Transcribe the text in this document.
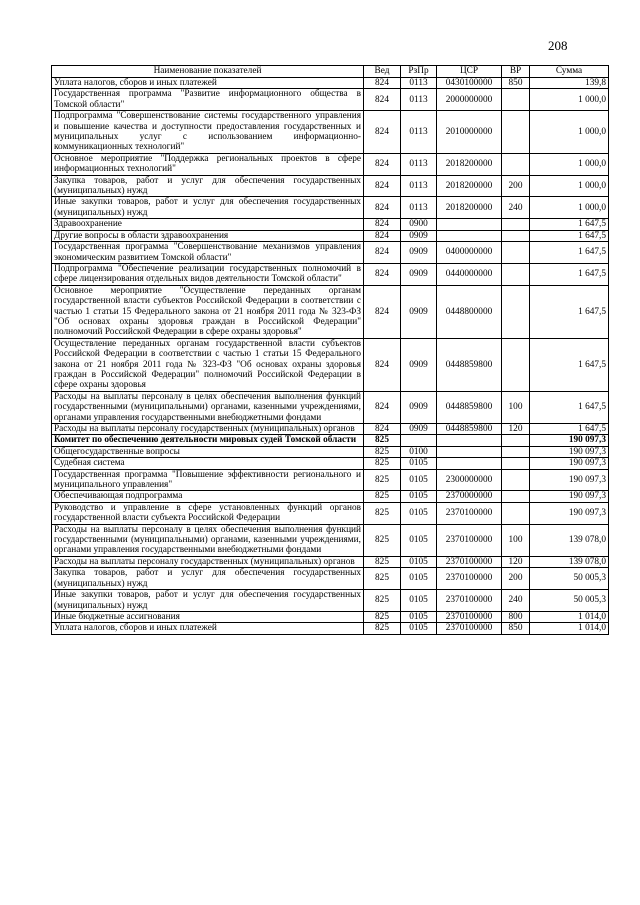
208
Наименование показателей	Вед	РзПр	ЦСР	ВР	Сумма
Уплата налогов, сборов и иных платежей	824	0113	0430100000	850	139,8
Государственная программа "Развитие информационного общества в Томской области"	824	0113	2000000000		1 000,0
Подпрограмма "Совершенствование системы государственного управления и повышение качества и доступности предоставления государственных и муниципальных услуг с использованием информационно-коммуникационных технологий"	824	0113	2010000000		1 000,0
Основное мероприятие "Поддержка региональных проектов в сфере информационных технологий"	824	0113	2018200000		1 000,0
Закупка товаров, работ и услуг для обеспечения государственных (муниципальных) нужд	824	0113	2018200000	200	1 000,0
Иные закупки товаров, работ и услуг для обеспечения государственных (муниципальных) нужд	824	0113	2018200000	240	1 000,0
Здравоохранение	824	0900			1 647,5
Другие вопросы в области здравоохранения	824	0909			1 647,5
Государственная программа "Совершенствование механизмов управления экономическим развитием Томской области"	824	0909	0400000000		1 647,5
Подпрограмма "Обеспечение реализации государственных полномочий в сфере лицензирования отдельных видов деятельности Томской области"	824	0909	0440000000		1 647,5
Основное мероприятие "Осуществление переданных органам государственной власти субъектов Российской Федерации в соответствии с частью 1 статьи 15 Федерального закона от 21 ноября 2011 года № 323-ФЗ "Об основах охраны здоровья граждан в Российской Федерации" полномочий Российской Федерации в сфере охраны здоровья"	824	0909	0448800000		1 647,5
Осуществление переданных органам государственной власти субъектов Российской Федерации в соответствии с частью 1 статьи 15 Федерального закона от 21 ноября 2011 года № 323-ФЗ "Об основах охраны здоровья граждан в Российской Федерации" полномочий Российской Федерации в сфере охраны здоровья	824	0909	0448859800		1 647,5
Расходы на выплаты персоналу в целях обеспечения выполнения функций государственными (муниципальными) органами, казенными учреждениями, органами управления государственными внебюджетными фондами	824	0909	0448859800	100	1 647,5
Расходы на выплаты персоналу государственных (муниципальных) органов	824	0909	0448859800	120	1 647,5
Комитет по обеспечению деятельности мировых судей Томской области	825				190 097,3
Общегосударственные вопросы	825	0100			190 097,3
Судебная система	825	0105			190 097,3
Государственная программа "Повышение эффективности регионального и муниципального управления"	825	0105	2300000000		190 097,3
Обеспечивающая подпрограмма	825	0105	2370000000		190 097,3
Руководство и управление в сфере установленных функций органов государственной власти субъекта Российской Федерации	825	0105	2370100000		190 097,3
Расходы на выплаты персоналу в целях обеспечения выполнения функций государственными (муниципальными) органами, казенными учреждениями, органами управления государственными внебюджетными фондами	825	0105	2370100000	100	139 078,0
Расходы на выплаты персоналу государственных (муниципальных) органов	825	0105	2370100000	120	139 078,0
Закупка товаров, работ и услуг для обеспечения государственных (муниципальных) нужд	825	0105	2370100000	200	50 005,3
Иные закупки товаров, работ и услуг для обеспечения государственных (муниципальных) нужд	825	0105	2370100000	240	50 005,3
Иные бюджетные ассигнования	825	0105	2370100000	800	1 014,0
Уплата налогов, сборов и иных платежей	825	0105	2370100000	850	1 014,0
